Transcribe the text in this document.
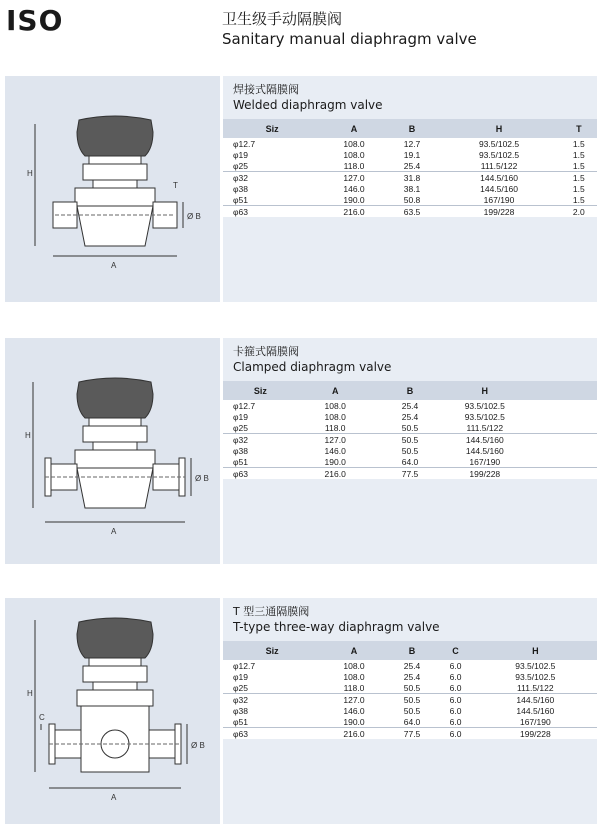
ISO	卫生级手动隔膜阀
Sanitary manual diaphragm valve
H
T
Ø B
A
焊接式隔膜阀
Welded diaphragm valve
Siz	A	B	H	T
φ12.7	108.0	12.7	93.5/102.5	1.5
φ19	108.0	19.1	93.5/102.5	1.5
φ25	118.0	25.4	111.5/122	1.5
φ32	127.0	31.8	144.5/160	1.5
φ38	146.0	38.1	144.5/160	1.5
φ51	190.0	50.8	167/190	1.5
φ63	216.0	63.5	199/228	2.0
H
Ø B
A
卡箍式隔膜阀
Clamped diaphragm valve
Siz	A	B	H	
φ12.7	108.0	25.4	93.5/102.5	
φ19	108.0	25.4	93.5/102.5	
φ25	118.0	50.5	111.5/122	
φ32	127.0	50.5	144.5/160	
φ38	146.0	50.5	144.5/160	
φ51	190.0	64.0	167/190	
φ63	216.0	77.5	199/228	
H
C
Ø B
A
T 型三通隔膜阀
T-type three-way diaphragm valve
Siz	A	B	C	H
φ12.7	108.0	25.4	6.0	93.5/102.5
φ19	108.0	25.4	6.0	93.5/102.5
φ25	118.0	50.5	6.0	111.5/122
φ32	127.0	50.5	6.0	144.5/160
φ38	146.0	50.5	6.0	144.5/160
φ51	190.0	64.0	6.0	167/190
φ63	216.0	77.5	6.0	199/228
